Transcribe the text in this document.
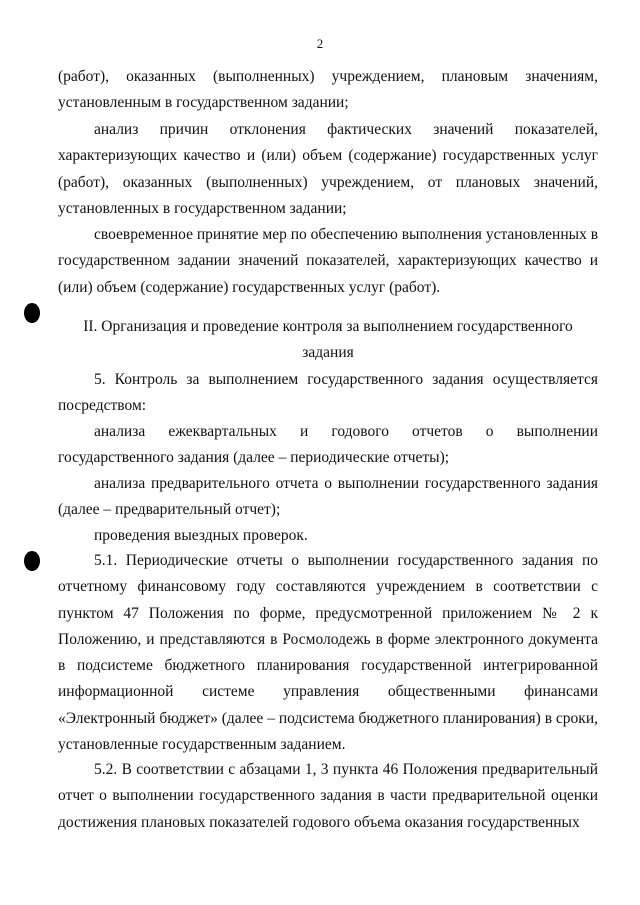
2
(работ), оказанных (выполненных) учреждением, плановым значениям, установленным в государственном задании;
анализ причин отклонения фактических значений показателей, характеризующих качество и (или) объем (содержание) государственных услуг (работ), оказанных (выполненных) учреждением, от плановых значений, установленных в государственном задании;
своевременное принятие мер по обеспечению выполнения установленных в государственном задании значений показателей, характеризующих качество и (или) объем (содержание) государственных услуг (работ).
II. Организация и проведение контроля за выполнением государственного задания
5. Контроль за выполнением государственного задания осуществляется посредством:
анализа ежеквартальных и годового отчетов о выполнении государственного задания (далее – периодические отчеты);
анализа предварительного отчета о выполнении государственного задания (далее – предварительный отчет);
проведения выездных проверок.
5.1. Периодические отчеты о выполнении государственного задания по отчетному финансовому году составляются учреждением в соответствии с пунктом 47 Положения по форме, предусмотренной приложением № 2 к Положению, и представляются в Росмолодежь в форме электронного документа в подсистеме бюджетного планирования государственной интегрированной информационной системе управления общественными финансами «Электронный бюджет» (далее – подсистема бюджетного планирования) в сроки, установленные государственным заданием.
5.2. В соответствии с абзацами 1, 3 пункта 46 Положения предварительный отчет о выполнении государственного задания в части предварительной оценки достижения плановых показателей годового объема оказания государственных
